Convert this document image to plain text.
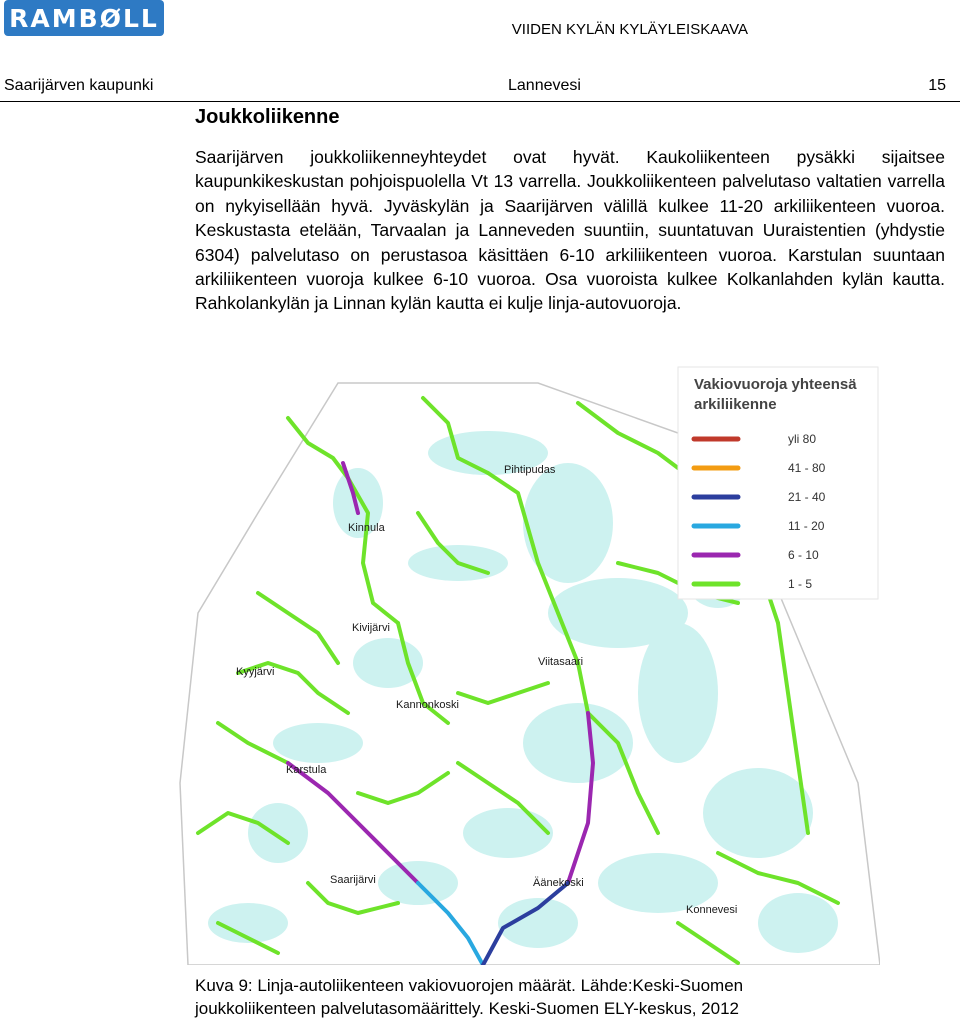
RAMBØLL	VIIDEN KYLÄN KYLÄYLEISKAAVA
Saarijärven kaupunki	Lannevesi	15
Joukkoliikenne

Saarijärven joukkoliikenneyhteydet ovat hyvät. Kaukoliikenteen pysäkki sijaitsee kaupunkikeskustan pohjoispuolella Vt 13 varrella. Joukkoliikenteen palvelutaso valtatien varrella on nykyisellään hyvä. Jyväskylän ja Saarijärven välillä kulkee 11-20 arkiliikenteen vuoroa. Keskustasta etelään, Tarvaalan ja Lanneveden suuntiin, suuntatuvan Uuraistentien (yhdystie 6304) palvelutaso on perustasoa käsittäen 6-10 arkiliikenteen vuoroa. Karstulan suuntaan arkiliikenteen vuoroja kulkee 6-10 vuoroa. Osa vuoroista kulkee Kolkanlahden kylän kautta. Rahkolankylän ja Linnan kylän kautta ei kulje linja-autovuoroja.

Pihtipudas
Kinnula
Kivijärvi
Kyyjärvi
Viitasaari
Kannonkoski
Karstula
Saarijärvi	Äänekoski
Konnevesi
Vakiovuoroja yhteensä
arkiliikenne
yli 80
41 - 80
21 - 40
11 - 20
6 - 10
1 - 5

Kuva 9: Linja-autoliikenteen vakiovuorojen määrät. Lähde:Keski-Suomen
joukkoliikenteen palvelutasomäärittely. Keski-Suomen ELY-keskus, 2012
